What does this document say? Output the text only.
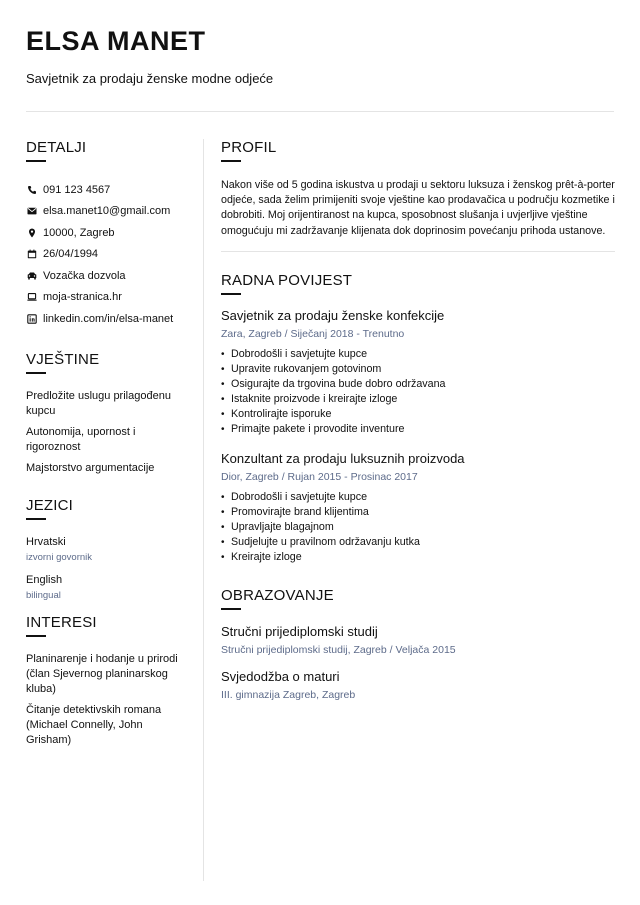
ELSA MANET
Savjetnik za prodaju ženske modne odjeće
DETALJI
091 123 4567
elsa.manet10@gmail.com
10000, Zagreb
26/04/1994
Vozačka dozvola
moja-stranica.hr
linkedin.com/in/elsa-manet
VJEŠTINE
Predložite uslugu prilagođenu kupcu
Autonomija, upornost i rigoroznost
Majstorstvo argumentacije
JEZICI
Hrvatski
izvorni govornik
English
bilingual
INTERESI
Planinarenje i hodanje u prirodi (član Sjevernog planinarskog kluba)
Čitanje detektivskih romana (Michael Connelly, John Grisham)
PROFIL
Nakon više od 5 godina iskustva u prodaji u sektoru luksuza i ženskog prêt-à-porter odjeće, sada želim primijeniti svoje vještine kao prodavačica u području kozmetike i dobrobiti. Moj orijentiranost na kupca, sposobnost slušanja i uvjerljive vještine omogućuju mi zadržavanje klijenata dok doprinosim povećanju prihoda ustanove.
RADNA POVIJEST
Savjetnik za prodaju ženske konfekcije
Zara, Zagreb / Siječanj 2018 - Trenutno
• Dobrodošli i savjetujte kupce
• Upravite rukovanjem gotovinom
• Osigurajte da trgovina bude dobro održavana
• Istaknite proizvode i kreirajte izloge
• Kontrolirajte isporuke
• Primajte pakete i provodite inventure
Konzultant za prodaju luksuznih proizvoda
Dior, Zagreb / Rujan 2015 - Prosinac 2017
• Dobrodošli i savjetujte kupce
• Promovirajte brand klijentima
• Upravljajte blagajnom
• Sudjelujte u pravilnom održavanju kutka
• Kreirajte izloge
OBRAZOVANJE
Stručni prijediplomski studij
Stručni prijediplomski studij, Zagreb / Veljača 2015
Svjedodžba o maturi
III. gimnazija Zagreb, Zagreb
